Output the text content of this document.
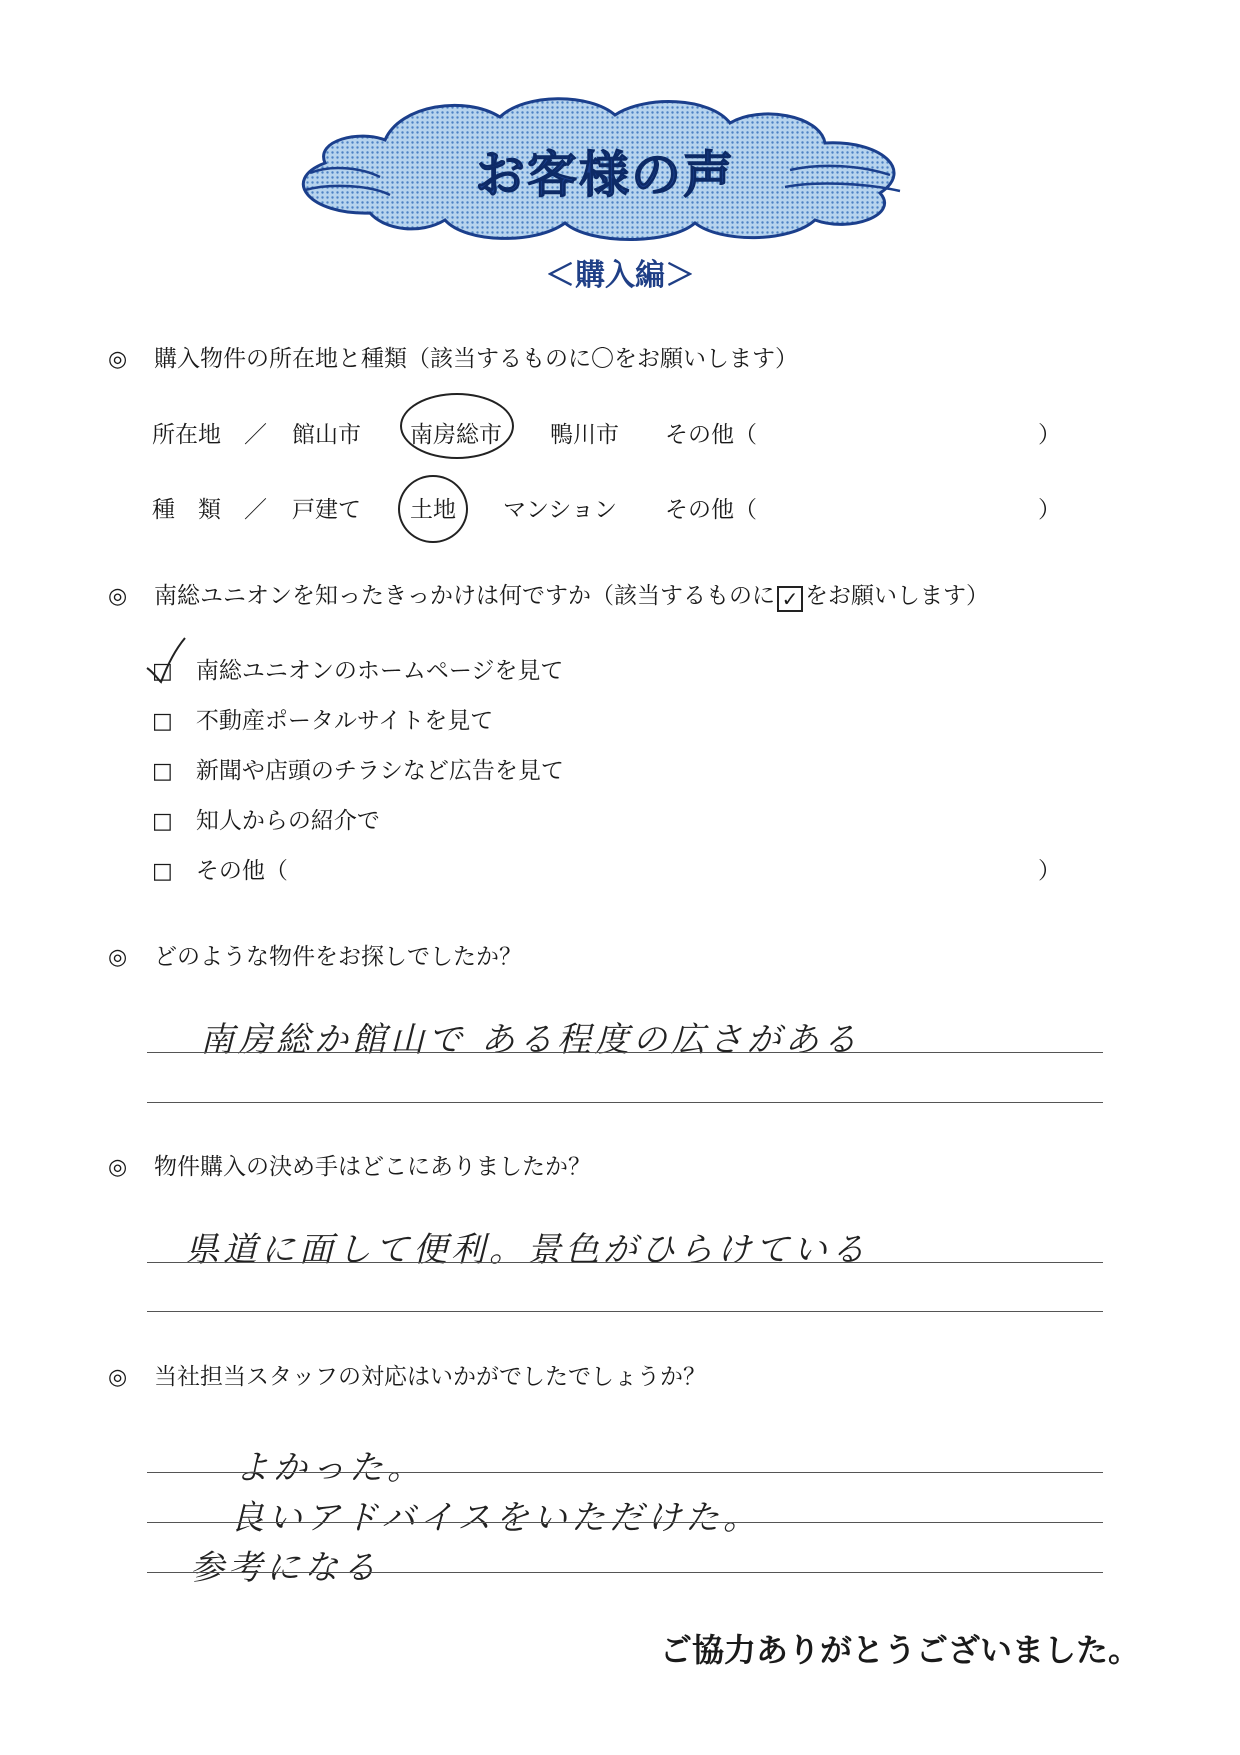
お客様の声
＜購入編＞
◎ 購入物件の所在地と種類（該当するものに〇をお願いします）
所在地　／ 館山市 南房総市 鴨川市 その他（	）
種　類　／ 戸建て 土地 マンション その他（	）
◎ 南総ユニオンを知ったきっかけは何ですか（該当するものに ✓ をお願いします）
□ 南総ユニオンのホームページを見て
□ 不動産ポータルサイトを見て
□ 新聞や店頭のチラシなど広告を見て
□ 知人からの紹介で
□ その他（	）
◎ どのような物件をお探しでしたか？
南房総か館山で ある程度の広さがある
◎ 物件購入の決め手はどこにありましたか？
県道に面して便利。景色がひらけている
◎ 当社担当スタッフの対応はいかがでしたでしょうか？
よかった。
良いアドバイスをいただけた。
参考になる
ご協力ありがとうございました。
